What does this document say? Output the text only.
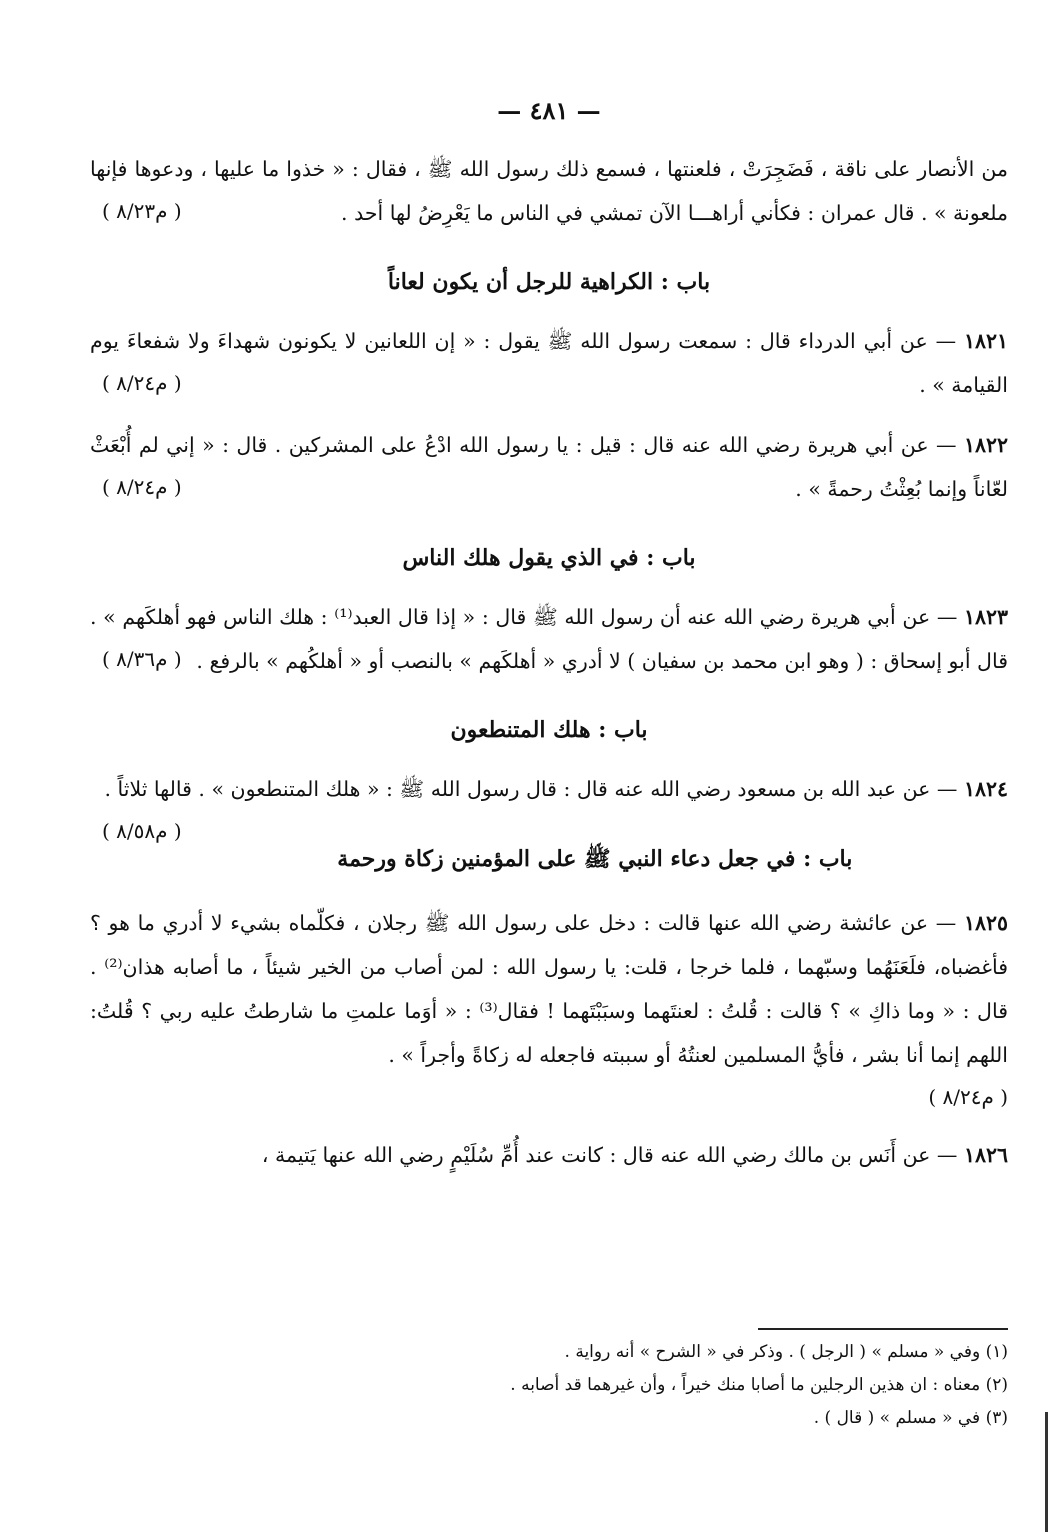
— ٤٨١ —

من الأنصار على ناقة ، فَضَجِرَتْ ، فلعنتها ، فسمع ذلك رسول الله ﷺ ، فقال : « خذوا ما عليها ، ودعوها فإنها ملعونة » . قال عمران : فكأني أراهـــا الآن تمشي في الناس ما يَعْرِضُ لها أحد .
( م٨/٢٣ )

باب : الكراهية للرجل أن يكون لعاناً

١٨٢١ — عن أبي الدرداء قال : سمعت رسول الله ﷺ يقول : « إن اللعانين لا يكونون شهداءَ ولا شفعاءَ يوم القيامة » .
( م٨/٢٤ )

١٨٢٢ — عن أبي هريرة رضي الله عنه قال : قيل : يا رسول الله ادْعُ على المشركين . قال : « إني لم أُبْعَثْ لعّاناً وإنما بُعِثْتُ رحمةً » .
( م٨/٢٤ )

باب : في الذي يقول هلك الناس

١٨٢٣ — عن أبي هريرة رضي الله عنه أن رسول الله ﷺ قال : « إذا قال العبد⁽¹⁾ : هلك الناس فهو أهلكَهم » . قال أبو إسحاق : ( وهو ابن محمد بن سفيان ) لا أدري « أهلكَهم » بالنصب أو « أهلكُهم » بالرفع .
( م٨/٣٦ )

باب : هلك المتنطعون

١٨٢٤ — عن عبد الله بن مسعود رضي الله عنه قال : قال رسول الله ﷺ : « هلك المتنطعون » . قالها ثلاثاً .
( م٨/٥٨ )

باب : في جعل دعاء النبي ﷺ على المؤمنين زكاة ورحمة

١٨٢٥ — عن عائشة رضي الله عنها قالت : دخل على رسول الله ﷺ رجلان ، فكلّماه بشيء لا أدري ما هو ؟ فأغضباه، فلَعَنَهُما وسبّهما ، فلما خرجا ، قلت: يا رسول الله : لمن أصاب من الخير شيئاً ، ما أصابه هذان⁽²⁾ . قال : « وما ذاكِ » ؟ قالت : قُلتُ : لعنتَهما وسبَبْتَهما ! فقال⁽³⁾ : « أوَما علمتِ ما شارطتُ عليه ربي ؟ قُلتُ: اللهم إنما أنا بشر ، فأيُّ المسلمين لعنتُهُ أو سببته فاجعله له زكاةً وأجراً » .

( م٨/٢٤ )

١٨٢٦ — عن أَنَس بن مالك رضي الله عنه قال : كانت عند أُمِّ سُلَيْمٍ رضي الله عنها يَتيمة ،

(١) وفي « مسلم » ( الرجل ) . وذكر في « الشرح » أنه رواية .
(٢) معناه : ان هذين الرجلين ما أصابا منك خيراً ، وأن غيرهما قد أصابه .
(٣) في « مسلم » ( قال ) .
